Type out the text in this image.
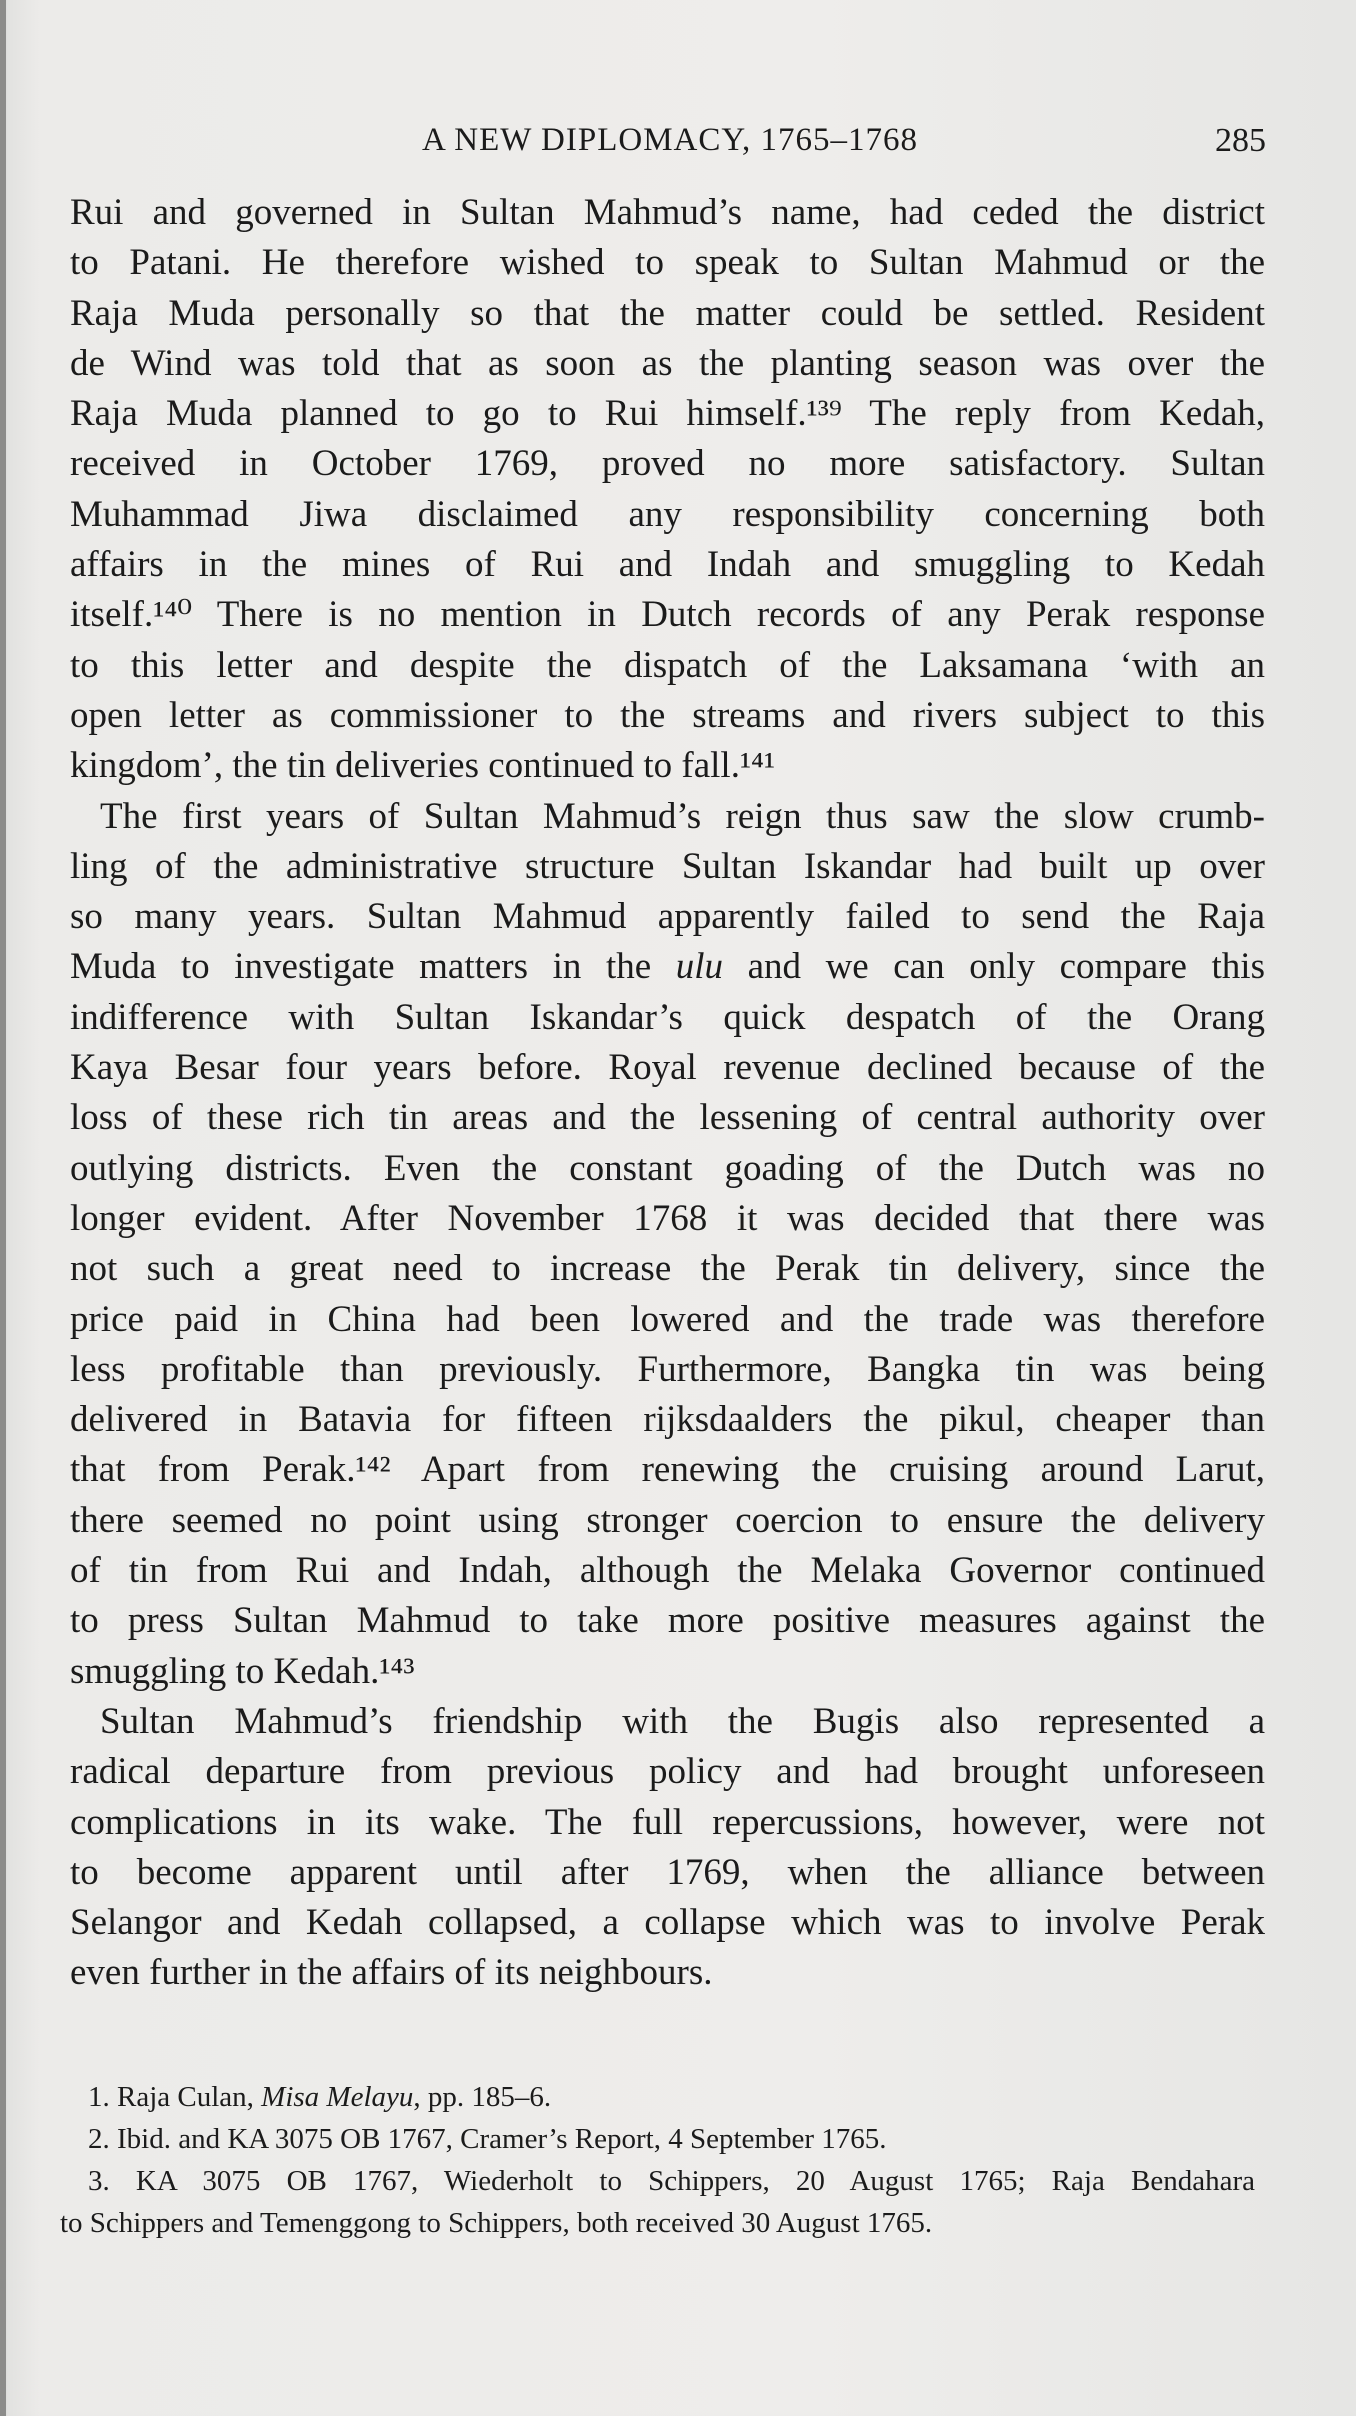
A NEW DIPLOMACY, 1765–1768	285
Rui and governed in Sultan Mahmud’s name, had ceded the district
to Patani. He therefore wished to speak to Sultan Mahmud or the
Raja Muda personally so that the matter could be settled. Resident
de Wind was told that as soon as the planting season was over the
Raja Muda planned to go to Rui himself.¹³⁹ The reply from Kedah,
received in October 1769, proved no more satisfactory. Sultan
Muhammad Jiwa disclaimed any responsibility concerning both
affairs in the mines of Rui and Indah and smuggling to Kedah
itself.¹⁴⁰ There is no mention in Dutch records of any Perak response
to this letter and despite the dispatch of the Laksamana ‘with an
open letter as commissioner to the streams and rivers subject to this
kingdom’, the tin deliveries continued to fall.¹⁴¹
The first years of Sultan Mahmud’s reign thus saw the slow crumb-
ling of the administrative structure Sultan Iskandar had built up over
so many years. Sultan Mahmud apparently failed to send the Raja
Muda to investigate matters in the ulu and we can only compare this
indifference with Sultan Iskandar’s quick despatch of the Orang
Kaya Besar four years before. Royal revenue declined because of the
loss of these rich tin areas and the lessening of central authority over
outlying districts. Even the constant goading of the Dutch was no
longer evident. After November 1768 it was decided that there was
not such a great need to increase the Perak tin delivery, since the
price paid in China had been lowered and the trade was therefore
less profitable than previously. Furthermore, Bangka tin was being
delivered in Batavia for fifteen rijksdaalders the pikul, cheaper than
that from Perak.¹⁴² Apart from renewing the cruising around Larut,
there seemed no point using stronger coercion to ensure the delivery
of tin from Rui and Indah, although the Melaka Governor continued
to press Sultan Mahmud to take more positive measures against the
smuggling to Kedah.¹⁴³
Sultan Mahmud’s friendship with the Bugis also represented a
radical departure from previous policy and had brought unforeseen
complications in its wake. The full repercussions, however, were not
to become apparent until after 1769, when the alliance between
Selangor and Kedah collapsed, a collapse which was to involve Perak
even further in the affairs of its neighbours.
1. Raja Culan, Misa Melayu, pp. 185–6.
2. Ibid. and KA 3075 OB 1767, Cramer’s Report, 4 September 1765.
3. KA 3075 OB 1767, Wiederholt to Schippers, 20 August 1765; Raja Bendahara
to Schippers and Temenggong to Schippers, both received 30 August 1765.
